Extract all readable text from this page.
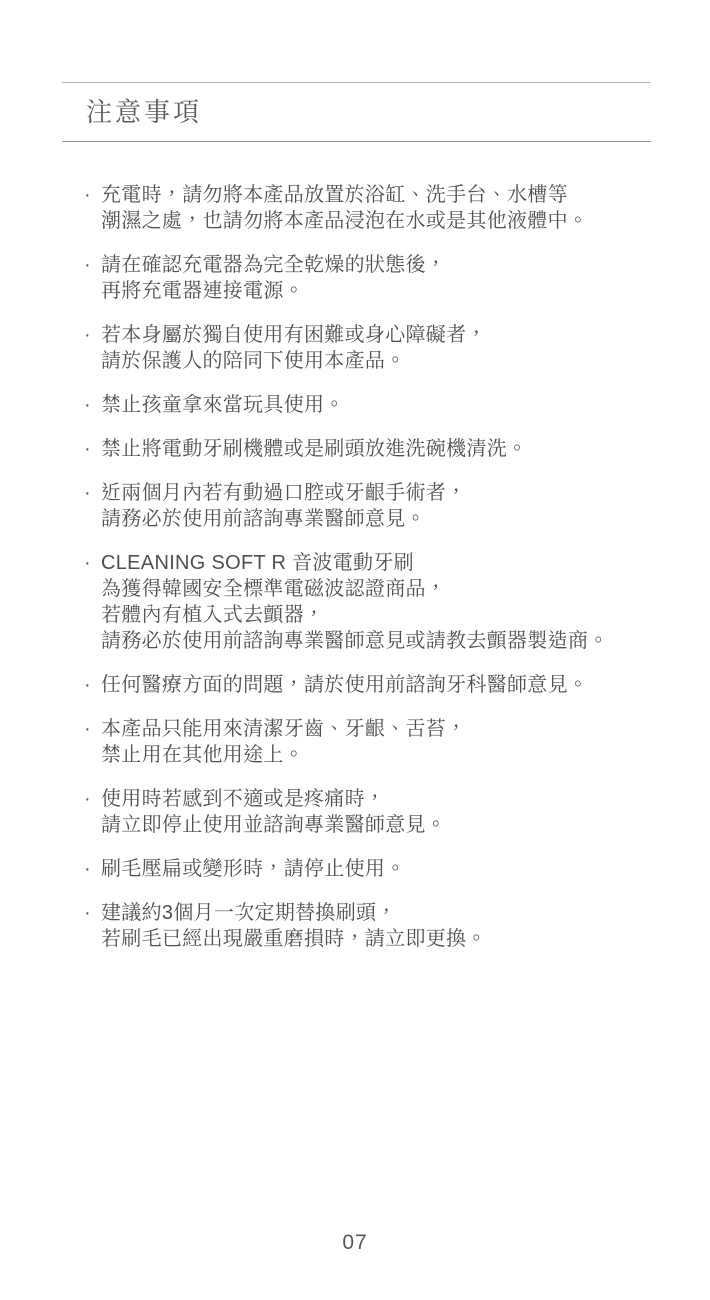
注意事項
· 充電時，請勿將本產品放置於浴缸、洗手台、水槽等
潮濕之處，也請勿將本產品浸泡在水或是其他液體中。
· 請在確認充電器為完全乾燥的狀態後，
再將充電器連接電源。
· 若本身屬於獨自使用有困難或身心障礙者，
請於保護人的陪同下使用本產品。
· 禁止孩童拿來當玩具使用。
· 禁止將電動牙刷機體或是刷頭放進洗碗機清洗。
· 近兩個月內若有動過口腔或牙齦手術者，
請務必於使用前諮詢專業醫師意見。
· CLEANING SOFT R 音波電動牙刷
為獲得韓國安全標準電磁波認證商品，
若體內有植入式去顫器，
請務必於使用前諮詢專業醫師意見或請教去顫器製造商。
· 任何醫療方面的問題，請於使用前諮詢牙科醫師意見。
· 本產品只能用來清潔牙齒、牙齦、舌苔，
禁止用在其他用途上。
· 使用時若感到不適或是疼痛時，
請立即停止使用並諮詢專業醫師意見。
· 刷毛壓扁或變形時，請停止使用。
· 建議約3個月一次定期替換刷頭，
若刷毛已經出現嚴重磨損時，請立即更換。
07
